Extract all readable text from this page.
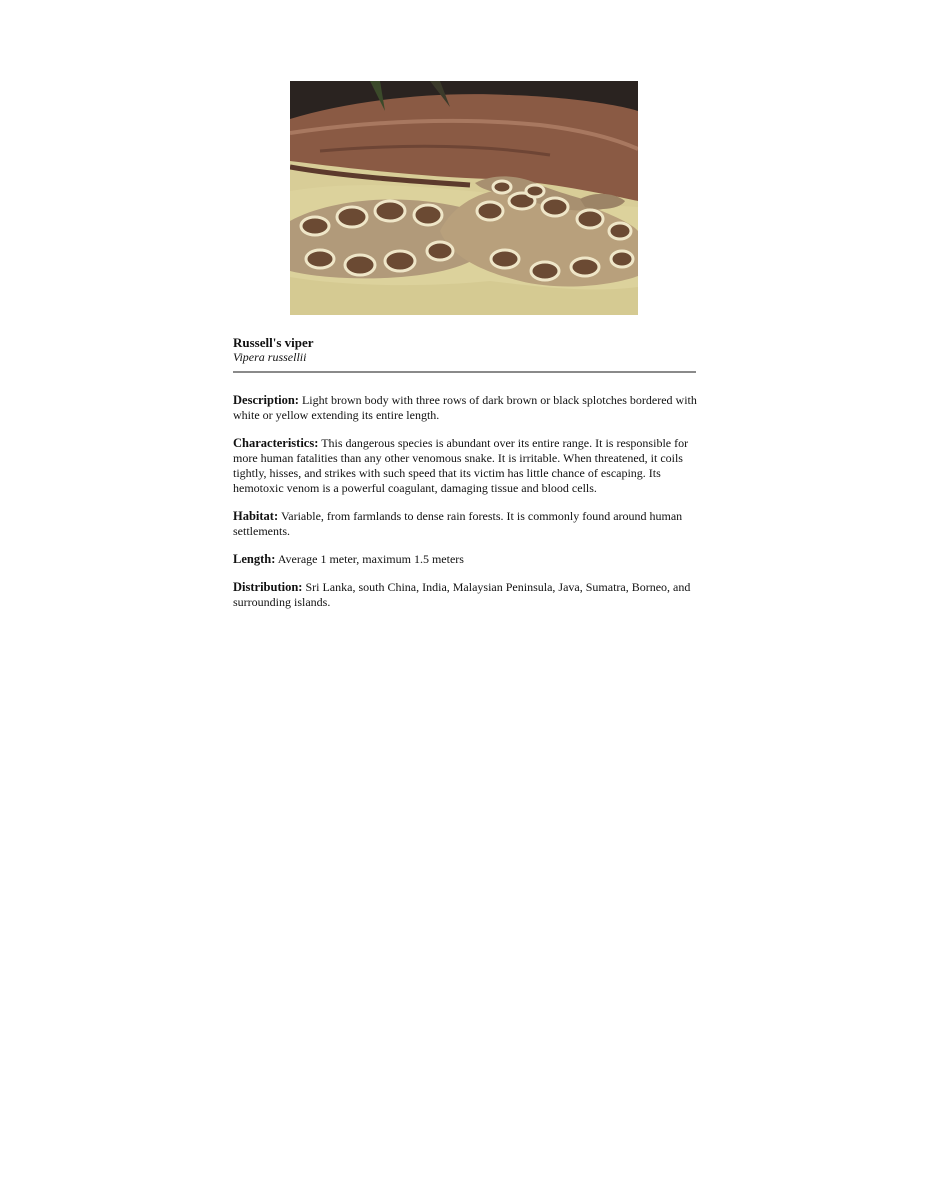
Russell's viper

Vipera russellii

Description: Light brown body with three rows of dark brown or black splotches bordered with white or yellow extending its entire length.

Characteristics: This dangerous species is abundant over its entire range. It is responsible for more human fatalities than any other venomous snake. It is irritable. When threatened, it coils tightly, hisses, and strikes with such speed that its victim has little chance of escaping. Its hemotoxic venom is a powerful coagulant, damaging tissue and blood cells.

Habitat: Variable, from farmlands to dense rain forests. It is commonly found around human settlements.

Length: Average 1 meter, maximum 1.5 meters

Distribution: Sri Lanka, south China, India, Malaysian Peninsula, Java, Sumatra, Borneo, and surrounding islands.
